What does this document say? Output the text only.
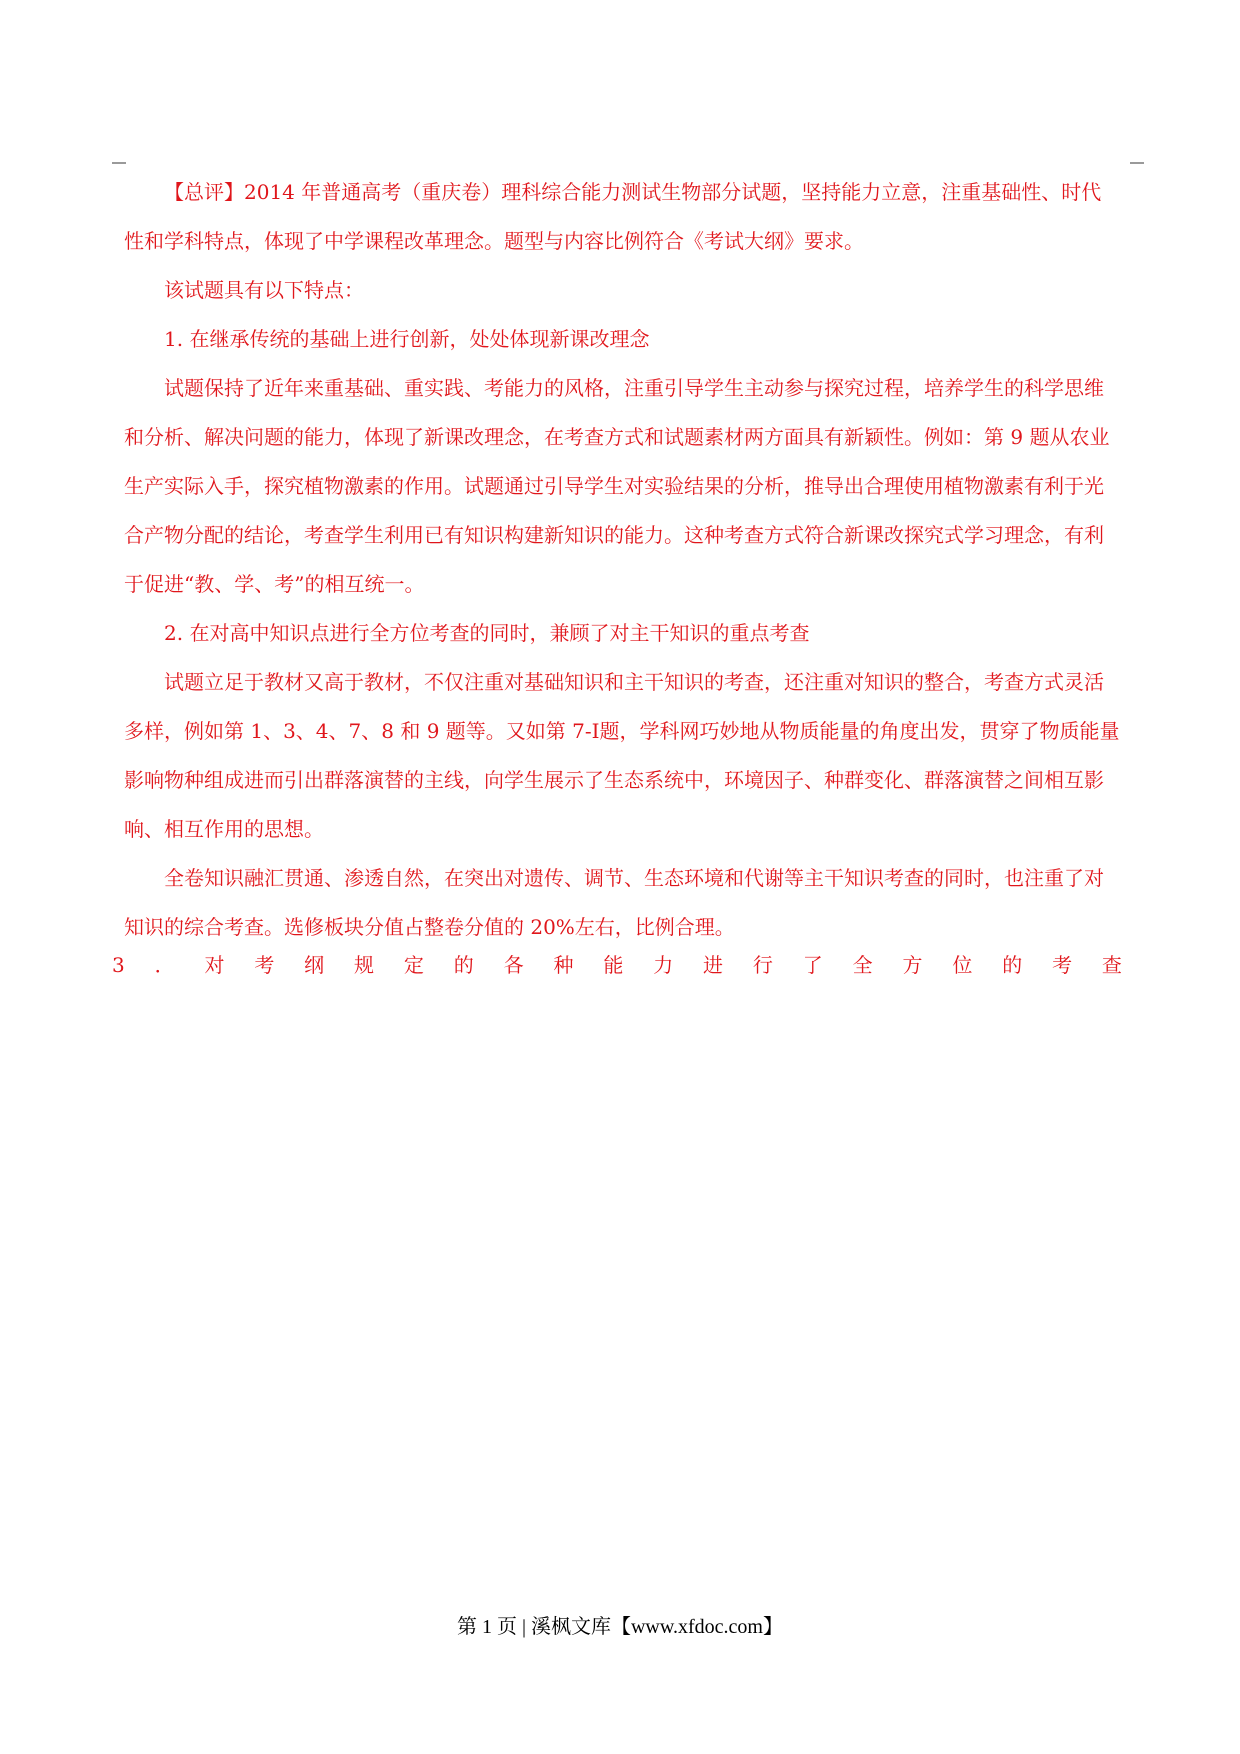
【总评】2014 年普通高考（重庆卷）理科综合能力测试生物部分试题，坚持能力立意，注重基础性、时代性和学科特点，体现了中学课程改革理念。题型与内容比例符合《考试大纲》要求。

该试题具有以下特点：

1. 在继承传统的基础上进行创新，处处体现新课改理念

试题保持了近年来重基础、重实践、考能力的风格，注重引导学生主动参与探究过程，培养学生的科学思维和分析、解决问题的能力，体现了新课改理念，在考查方式和试题素材两方面具有新颖性。例如：第 9 题从农业生产实际入手，探究植物激素的作用。试题通过引导学生对实验结果的分析，推导出合理使用植物激素有利于光合产物分配的结论，考查学生利用已有知识构建新知识的能力。这种考查方式符合新课改探究式学习理念，有利于促进“教、学、考”的相互统一。

2. 在对高中知识点进行全方位考查的同时，兼顾了对主干知识的重点考查

试题立足于教材又高于教材，不仅注重对基础知识和主干知识的考查，还注重对知识的整合，考查方式灵活多样，例如第 1、3、4、7、8 和 9 题等。又如第 7-Ⅰ题，学科网巧妙地从物质能量的角度出发，贯穿了物质能量影响物种组成进而引出群落演替的主线，向学生展示了生态系统中，环境因子、种群变化、群落演替之间相互影响、相互作用的思想。

全卷知识融汇贯通、渗透自然，在突出对遗传、调节、生态环境和代谢等主干知识考查的同时，也注重了对知识的综合考查。选修板块分值占整卷分值的 20%左右，比例合理。

3 ． 对 考 纲 规 定 的 各 种 能 力 进 行 了 全 方 位 的 考 查
第 1 页 | 溪枫文库【www.xfdoc.com】
